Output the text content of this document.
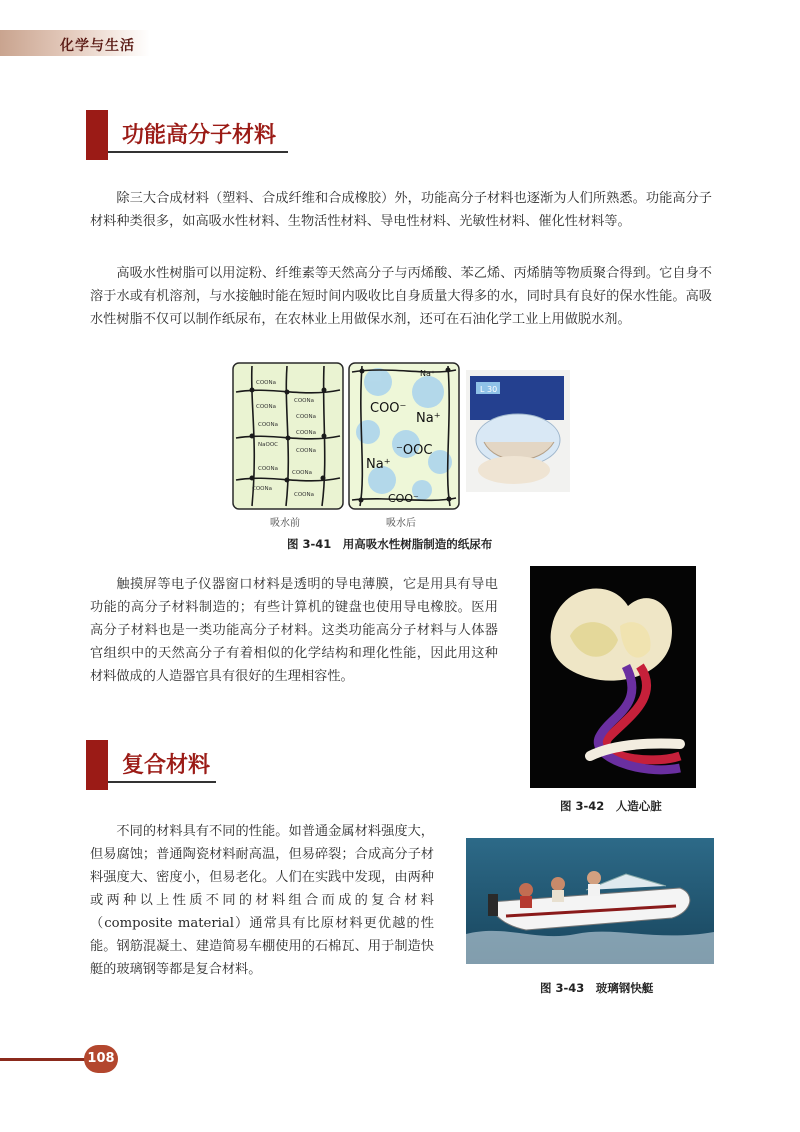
化学与生活
功能高分子材料

除三大合成材料（塑料、合成纤维和合成橡胶）外，功能高分子材料也逐渐为人们所熟悉。功能高分子材料种类很多，如高吸水性材料、生物活性材料、导电性材料、光敏性材料、催化性材料等。

高吸水性树脂可以用淀粉、纤维素等天然高分子与丙烯酸、苯乙烯、丙烯腈等物质聚合得到。它自身不溶于水或有机溶剂，与水接触时能在短时间内吸收比自身质量大得多的水，同时具有良好的保水性能。高吸水性树脂不仅可以制作纸尿布，在农林业上用做保水剂，还可在石油化学工业上用做脱水剂。

COONa
COONa
COONa
COONa
COONa
COONa
NaOOC
COONa
COONa
COONa
COONa
COONa
Na⁺
COO⁻
Na⁺
⁻OOC
Na⁺
COO⁻
L 30
吸水前	吸水后
图 3-41　用高吸水性树脂制造的纸尿布

触摸屏等电子仪器窗口材料是透明的导电薄膜，它是用具有导电功能的高分子材料制造的；有些计算机的键盘也使用导电橡胶。医用高分子材料也是一类功能高分子材料。这类功能高分子材料与人体器官组织中的天然高分子有着相似的化学结构和理化性能，因此用这种材料做成的人造器官具有很好的生理相容性。

图 3-42　人造心脏
复合材料

不同的材料具有不同的性能。如普通金属材料强度大，但易腐蚀；普通陶瓷材料耐高温，但易碎裂；合成高分子材料强度大、密度小，但易老化。人们在实践中发现，由两种或两种以上性质不同的材料组合而成的复合材料（composite material）通常具有比原材料更优越的性能。钢筋混凝土、建造简易车棚使用的石棉瓦、用于制造快艇的玻璃钢等都是复合材料。

图 3-43　玻璃钢快艇
108
